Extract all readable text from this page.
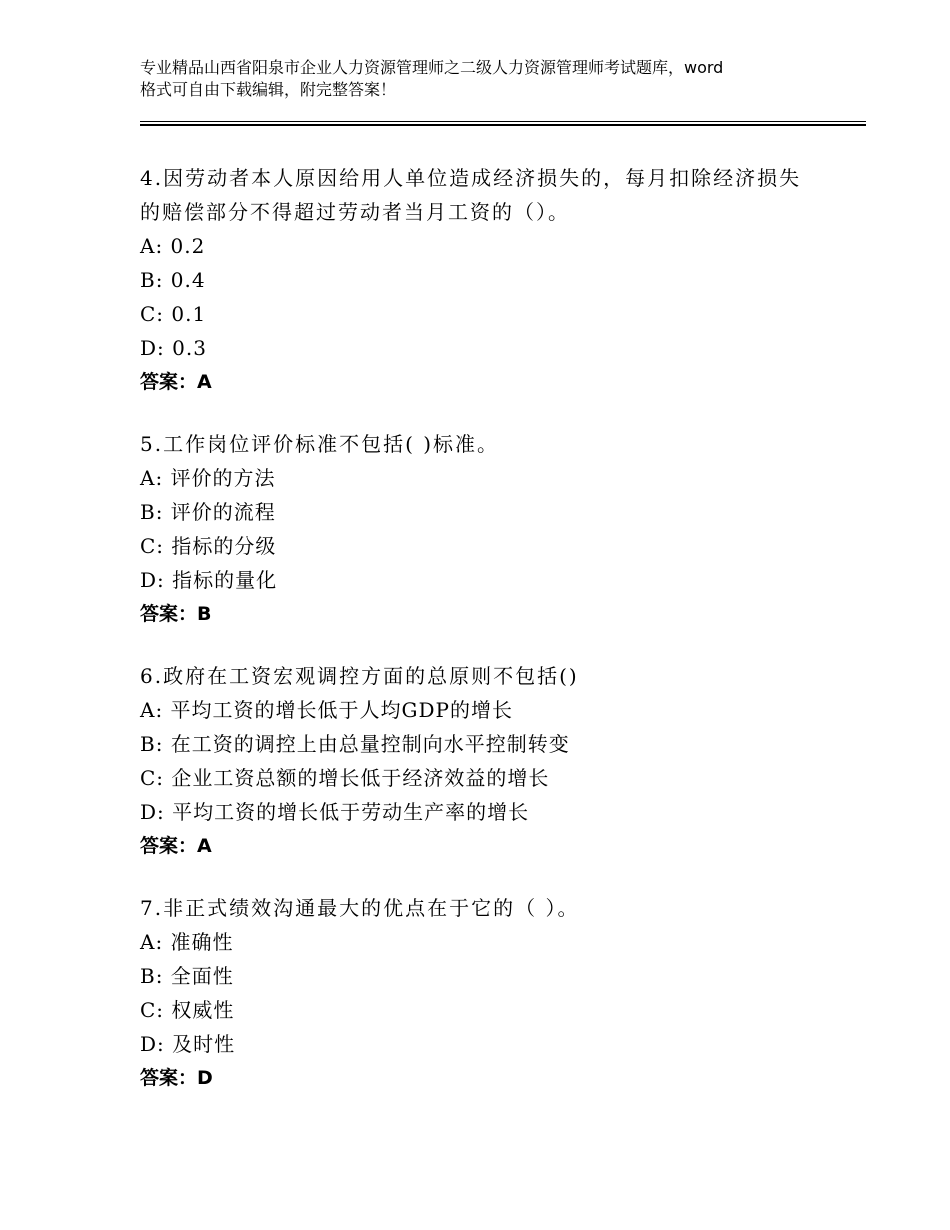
专业精品山西省阳泉市企业人力资源管理师之二级人力资源管理师考试题库，word
格式可自由下载编辑，附完整答案！
4.因劳动者本人原因给用人单位造成经济损失的，每月扣除经济损失
的赔偿部分不得超过劳动者当月工资的（）。
A: 0.2
B: 0.4
C: 0.1
D: 0.3
答案：A
5.工作岗位评价标准不包括( )标准。
A: 评价的方法
B: 评价的流程
C: 指标的分级
D: 指标的量化
答案：B
6.政府在工资宏观调控方面的总原则不包括()
A: 平均工资的增长低于人均GDP的增长
B: 在工资的调控上由总量控制向水平控制转变
C: 企业工资总额的增长低于经济效益的增长
D: 平均工资的增长低于劳动生产率的增长
答案：A
7.非正式绩效沟通最大的优点在于它的（ ）。
A: 准确性
B: 全面性
C: 权威性
D: 及时性
答案：D
